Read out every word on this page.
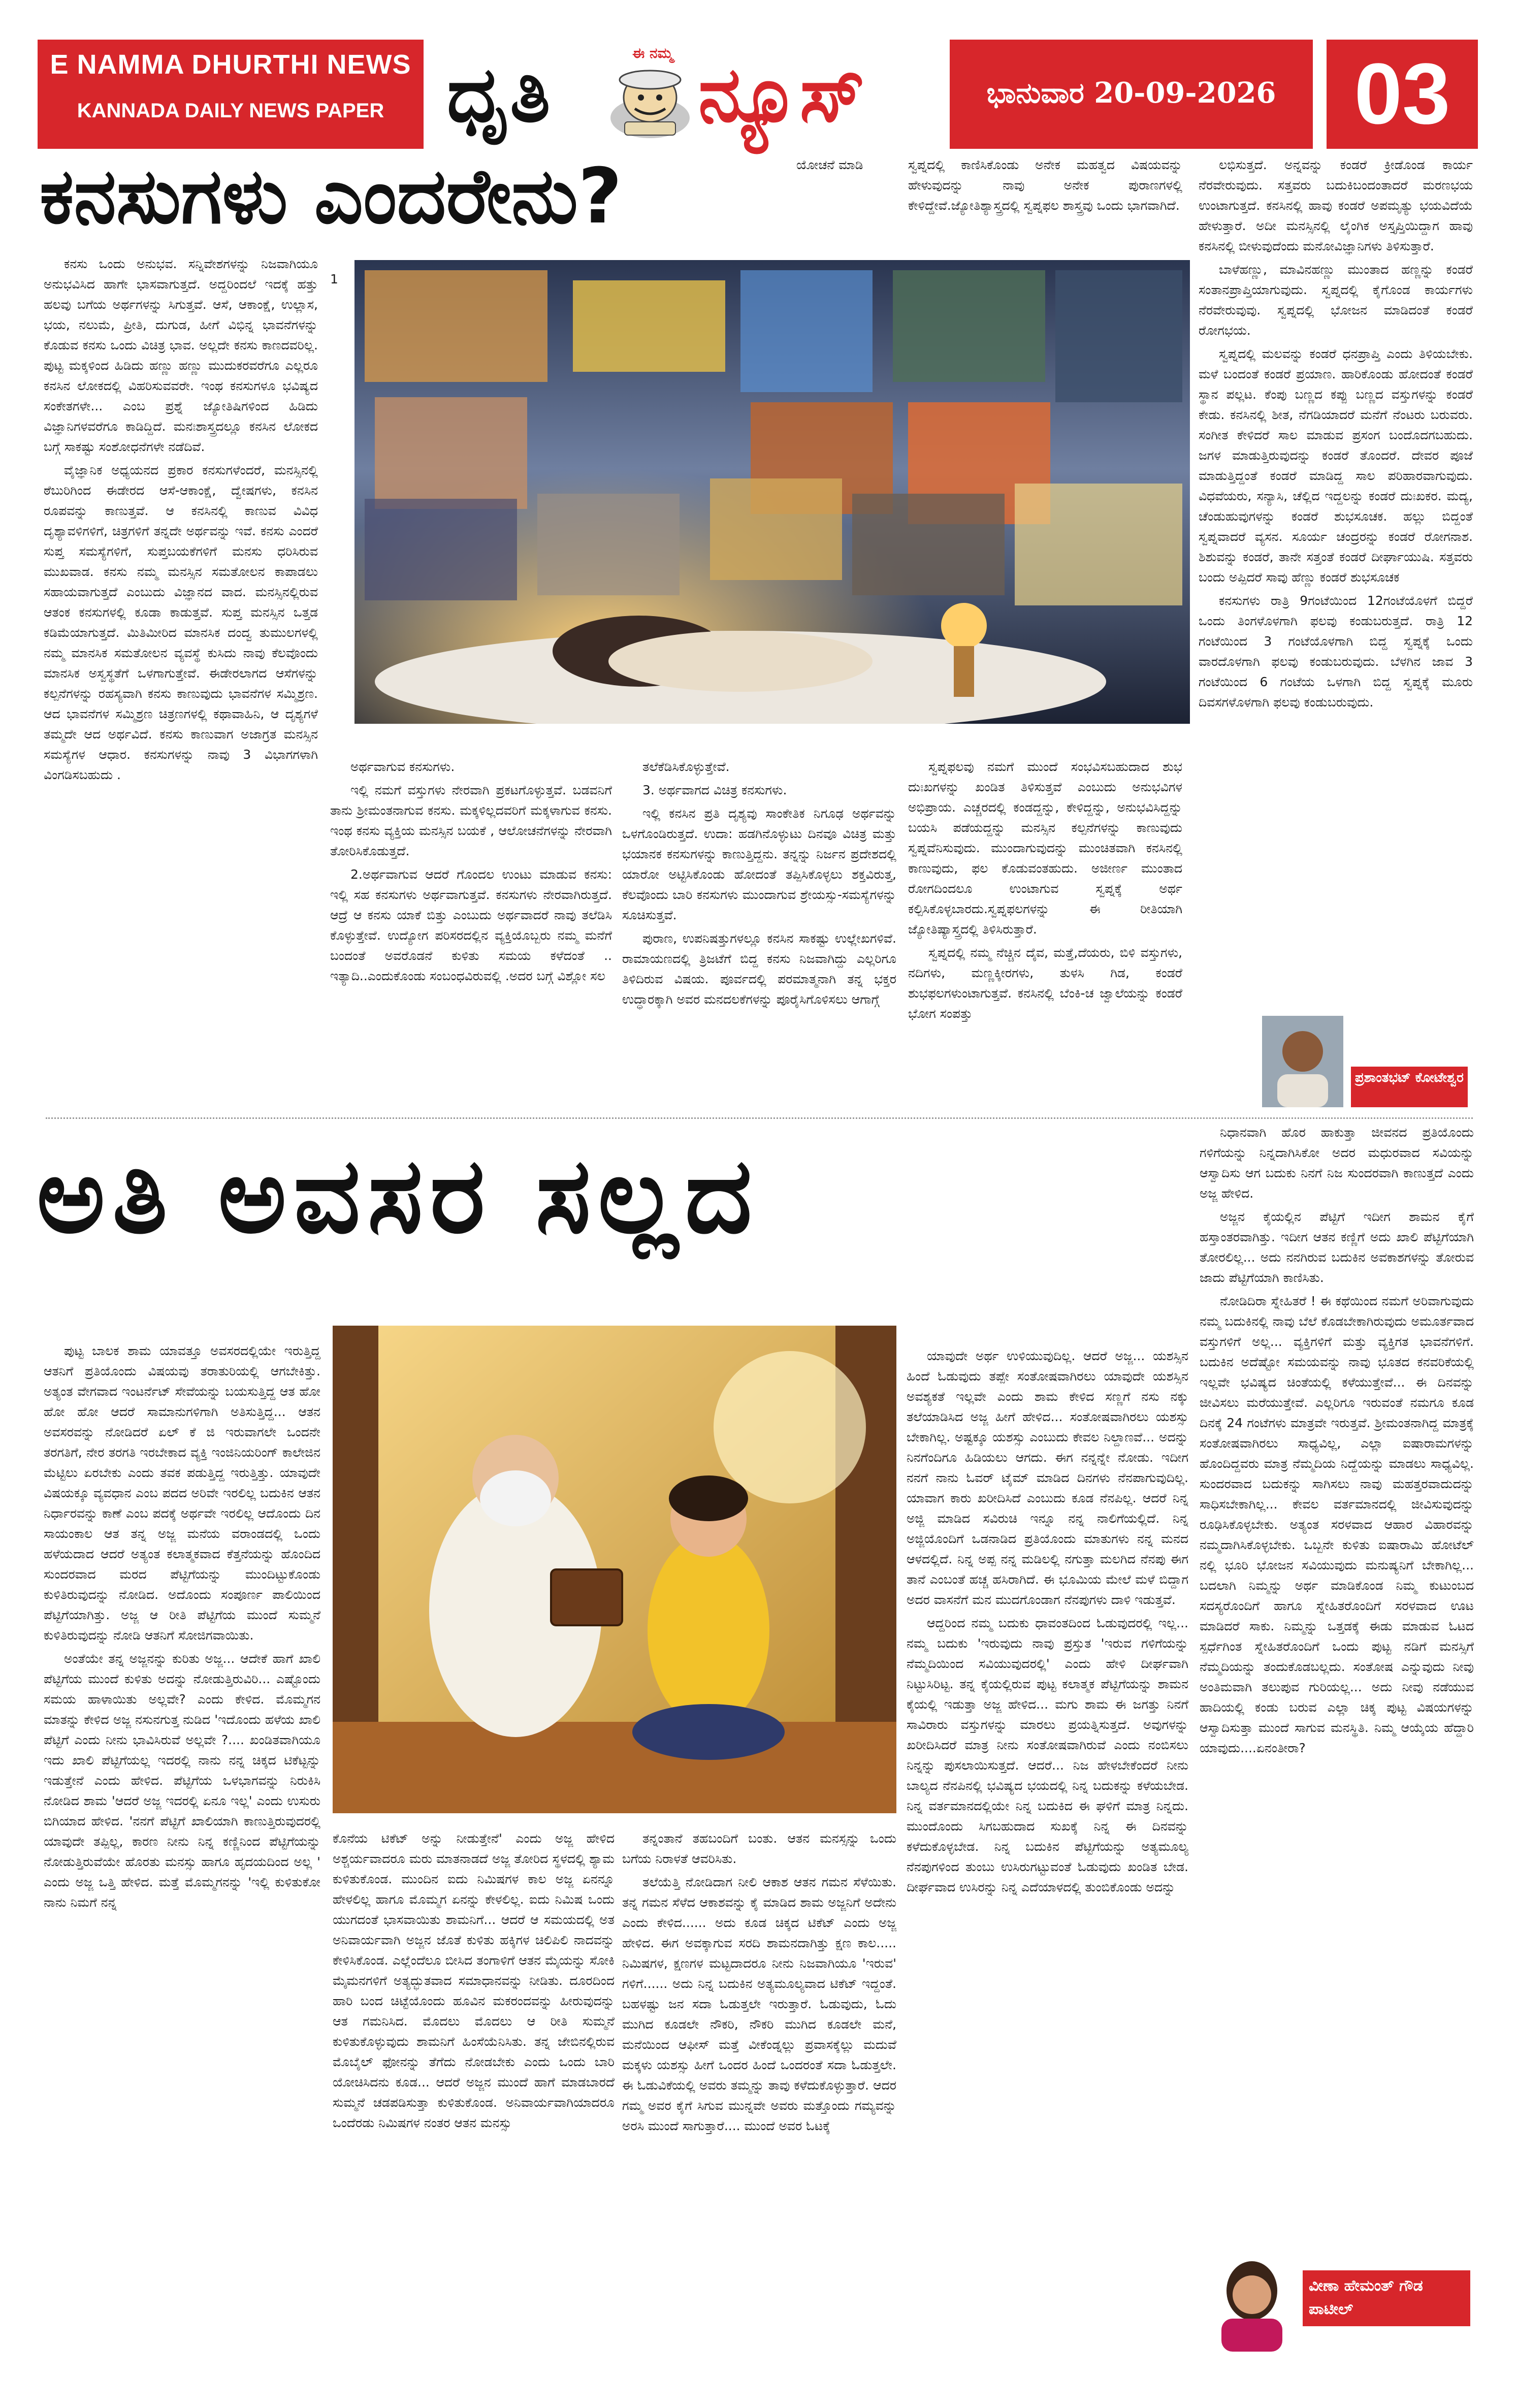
E NAMMA DHURTHI NEWS
KANNADA DAILY NEWS PAPER ಧೃತಿ	ಈ ನಮ್ಮ ನ್ಯೂಸ್	ಭಾನುವಾರ 20-09-2026 03
ಕನಸುಗಳು ಎಂದರೇನು?	ಯೋಚನೆ ಮಾಡಿ	ಸ್ವಪ್ನದಲ್ಲಿ ಕಾಣಿಸಿಕೊಂಡು ಅನೇಕ ಮಹತ್ವದ ವಿಷಯವನ್ನು ಹೇಳುವುದನ್ನು ನಾವು ಅನೇಕ ಪುರಾಣಗಳಲ್ಲಿ ಕೇಳಿದ್ದೇವೆ.ಜ್ಯೋತಿಶ್ಯಾಸ್ತ್ರದಲ್ಲಿ ಸ್ವಪ್ನಫಲ ಶಾಸ್ತ್ರವು ಒಂದು ಭಾಗವಾಗಿದೆ.
1

ಕನಸು ಒಂದು ಅನುಭವ. ಸನ್ನಿವೇಶಗಳನ್ನು ನಿಜವಾಗಿಯೂ ಅನುಭವಿಸಿದ ಹಾಗೇ ಭಾಸವಾಗುತ್ತದೆ. ಅದ್ದರಿಂದಲೆ ಇದಕ್ಕೆ ಹತ್ತು ಹಲವು ಬಗೆಯ ಅರ್ಥಗಳನ್ನು ಸಿಗುತ್ತವೆ. ಆಸೆ, ಆಕಾಂಕ್ಷೆ, ಉಲ್ಲಾಸ, ಭಯ, ನಲುಮೆ, ಪ್ರೀತಿ, ದುಗುಡ, ಹೀಗೆ ವಿಭಿನ್ನ ಭಾವನೆಗಳನ್ನು ಕೊಡುವ ಕನಸು ಒಂದು ವಿಚಿತ್ರ ಭಾವ. ಅಲ್ಲದೇ ಕನಸು ಕಾಣದವರಿಲ್ಲ. ಪುಟ್ಟ ಮಕ್ಕಳಿಂದ ಹಿಡಿದು ಹಣ್ಣು ಹಣ್ಣು ಮುದುಕರವರೆಗೂ ಎಲ್ಲರೂ ಕನಸಿನ ಲೋಕದಲ್ಲಿ ವಿಹರಿಸುವವರೇ. ಇಂಥ ಕನಸುಗಳೂ ಭವಿಷ್ಯದ ಸಂಕೇತಗಳೇ... ಎಂಬ ಪ್ರಶ್ನೆ ಜ್ಯೋತಿಷಿಗಳಿಂದ ಹಿಡಿದು ವಿಜ್ಞಾನಿಗಳವರೆಗೂ ಕಾಡಿದ್ದಿದೆ. ಮನಃಶಾಸ್ತ್ರದಲ್ಲೂ ಕನಸಿನ ಲೋಕದ ಬಗ್ಗೆ ಸಾಕಷ್ಟು ಸಂಶೋಧನೆಗಳೇ ನಡೆದಿವೆ.

ವೈಜ್ಞಾನಿಕ ಅಧ್ಯಯನದ ಪ್ರಕಾರ ಕನಸುಗಳೆಂದರೆ, ಮನಸ್ಸಿನಲ್ಲಿ ಠೆಬುರಿಗಿಂದ ಈಡೇರದ ಆಸೆ-ಆಕಾಂಕ್ಷೆ, ದ್ವೇಷಗಳು, ಕನಸಿನ ರೂಪವನ್ನು ಕಾಣುತ್ತವೆ. ಆ ಕನಸಿನಲ್ಲಿ ಕಾಣುವ ವಿವಿಧ ದೃಶ್ಯಾವಳಿಗಳಿಗೆ, ಚಿತ್ರಗಳಿಗೆ ತನ್ನದೇ ಅರ್ಥವನ್ನು ಇವೆ. ಕನಸು ಎಂದರೆ ಸುಪ್ತ ಸಮಸ್ಯೆಗಳಿಗೆ, ಸುಪ್ತಬಯಕೆಗಳಿಗೆ ಮನಸು ಧರಿಸಿರುವ ಮುಖವಾಡ. ಕನಸು ನಮ್ಮ ಮನಸ್ಸಿನ ಸಮತೋಲನ ಕಾಪಾಡಲು ಸಹಾಯವಾಗುತ್ತದೆ ಎಂಬುದು ವಿಜ್ಞಾನದ ವಾದ. ಮನಸ್ಸಿನಲ್ಲಿರುವ ಆತಂಕ ಕನಸುಗಳಲ್ಲಿ ಕೂಡಾ ಕಾಡುತ್ತವೆ. ಸುಪ್ತ ಮನಸ್ಸಿನ ಒತ್ತಡ ಕಡಿಮೆಯಾಗುತ್ತದೆ. ಮಿತಿಮೀರಿದ ಮಾನಸಿಕ ದಂದ್ವ ತುಮುಲಗಳಲ್ಲಿ ನಮ್ಮ ಮಾನಸಿಕ ಸಮತೋಲನ ವ್ಯವಸ್ಥೆ ಕುಸಿದು ನಾವು ಕೆಲವೊಂದು ಮಾನಸಿಕ ಅಸ್ವಸ್ಥತೆಗೆ ಒಳಗಾಗುತ್ತೇವೆ. ಈಡೇರಲಾಗದ ಆಸೆಗಳನ್ನು ಕಲ್ಪನೆಗಳನ್ನು ರಹಸ್ಯವಾಗಿ ಕನಸು ಕಾಣುವುದು ಭಾವನೆಗಳ ಸಮ್ಮಿಶ್ರಣ. ಆದ ಭಾವನೆಗಳ ಸಮ್ಮಿಶ್ರಣ ಚಿತ್ರಣಗಳಲ್ಲಿ ಕಥಾವಾಹಿನಿ, ಆ ದೃಶ್ಯಗಳೆ ತಮ್ಮದೇ ಆದ ಅರ್ಥವಿದೆ. ಕನಸು ಕಾಣುವಾಗ ಅಜಾಗ್ರತ ಮನಸ್ಸಿನ ಸಮಸ್ಯೆಗಳ ಆಧಾರ. ಕನಸುಗಳನ್ನು ನಾವು 3 ವಿಭಾಗಗಳಾಗಿ ವಿಂಗಡಿಸಬಹುದು .

ಅರ್ಥವಾಗುವ ಕನಸುಗಳು.

ಇಲ್ಲಿ ನಮಗೆ ವಸ್ತುಗಳು ನೇರವಾಗಿ ಪ್ರಕಟಗೊಳ್ಳುತ್ತವೆ. ಬಡವನಿಗೆ ತಾನು ಶ್ರೀಮಂತನಾಗುವ ಕನಸು. ಮಕ್ಕಳಿಲ್ಲದವರಿಗೆ ಮಕ್ಕಳಾಗುವ ಕನಸು. ಇಂಥ ಕನಸು ವ್ಯಕ್ತಿಯ ಮನಸ್ಸಿನ ಬಯಕೆ , ಆಲೋಚನೆಗಳನ್ನು ನೇರವಾಗಿ ತೋರಿಸಿಕೊಡುತ್ತದೆ.

2.ಅರ್ಥವಾಗುವ ಆದರೆ ಗೊಂದಲ ಉಂಟು ಮಾಡುವ ಕನಸು: ಇಲ್ಲಿ ಸಹ ಕನಸುಗಳು ಅರ್ಥವಾಗುತ್ತವೆ. ಕನಸುಗಳು ನೇರವಾಗಿರುತ್ತದೆ. ಆದ್ರೆ ಆ ಕನಸು ಯಾಕೆ ಬಿತ್ತು ಎಂಬುದು ಅರ್ಥವಾದರೆ ನಾವು ತಲೆಡಿಸಿ ಕೊಳ್ಳುತ್ತೇವೆ. ಉದ್ಯೋಗ ಪರಿಸರದಲ್ಲಿನ ವ್ಯಕ್ತಿಯೊಬ್ಬರು ನಮ್ಮ ಮನೆಗೆ ಬಂದಂತೆ ಅವರೊಡನೆ ಕುಳಿತು ಸಮಯ ಕಳೆದಂತೆ .. ಇತ್ಯಾದಿ..ಎಂದುಕೊಂಡು ಸಂಬಂಧವಿರುವಲ್ಲಿ .ಅದರ ಬಗ್ಗೆ ವಿಶ್ಲೋ ಸಲ

ತಲೆಕೆಡಿಸಿಕೊಳ್ಳುತ್ತೇವೆ.

3. ಅರ್ಥವಾಗದ ವಿಚಿತ್ರ ಕನಸುಗಳು.

ಇಲ್ಲಿ ಕನಸಿನ ಪ್ರತಿ ದೃಶ್ಯವು ಸಾಂಕೇತಿಕ ನಿಗೂಢ ಅರ್ಥವನ್ನು ಒಳಗೊಂಡಿರುತ್ತದೆ. ಉದಾ: ಹಡಗಿನೊಳ್ಳುಟು ದಿನವೂ ವಿಚಿತ್ರ ಮತ್ತು ಭಯಾನಕ ಕನಸುಗಳನ್ನು ಕಾಣುತ್ತಿದ್ದನು. ತನ್ನನ್ನು ನಿರ್ಜನ ಪ್ರದೇಶದಲ್ಲಿ ಯಾರೋ ಅಟ್ಟಿಸಿಕೊಂಡು ಹೋದಂತೆ ತಪ್ಪಿಸಿಕೊಳ್ಳಲು ಶಕ್ತವಿರುತ್ತ, ಕೆಲವೊಂದು ಬಾರಿ ಕನಸುಗಳು ಮುಂದಾಗುವ ಶ್ರೇಯಸ್ಸು-ಸಮಸ್ಯೆಗಳನ್ನು ಸೂಚಿಸುತ್ತವೆ.

ಪುರಾಣ, ಉಪನಿಷತ್ತುಗಳಲ್ಲೂ ಕನಸಿನ ಸಾಕಷ್ಟು ಉಲ್ಲೇಖಗಳಿವೆ. ರಾಮಾಯಣದಲ್ಲಿ ತ್ರಿಜಟೆಗೆ ಬಿದ್ದ ಕನಸು ನಿಜವಾಗಿದ್ದು ಎಲ್ಲರಿಗೂ ತಿಳಿದಿರುವ ವಿಷಯ. ಪೂರ್ವದಲ್ಲಿ ಪರಮಾತ್ಮನಾಗಿ ತನ್ನ ಭಕ್ತರ ಉದ್ಧಾರಕ್ಕಾಗಿ ಅವರ ಮನದಲಕೆಗಳನ್ನು ಪೂರೈಸಿಗೊಳಿಸಲು ಆಗಾಗ್ಗೆ

ಸ್ವಪ್ನಫಲವು ನಮಗೆ ಮುಂದೆ ಸಂಭವಿಸಬಹುದಾದ ಶುಭ ದುಃಖಗಳನ್ನು ಖಂಡಿತ ತಿಳಿಸುತ್ತವೆ ಎಂಬುದು ಅನುಭವಿಗಳ ಅಭಿಪ್ರಾಯ. ಎಚ್ಚರದಲ್ಲಿ ಕಂಡದ್ದನ್ನು, ಕೇಳಿದ್ದನ್ನು, ಅನುಭವಿಸಿದ್ದನ್ನು ಬಯಸಿ ಪಡೆಯದ್ದನ್ನು ಮನಸ್ಸಿನ ಕಲ್ಪನೆಗಳನ್ನು ಕಾಣುವುದು ಸ್ವಪ್ನವೆನಿಸುವುದು. ಮುಂದಾಗುವುದನ್ನು ಮುಂಚಿತವಾಗಿ ಕನಸಿನಲ್ಲಿ ಕಾಣುವುದು, ಫಲ ಕೊಡುವಂತಹುದು. ಅಜೀರ್ಣ ಮುಂತಾದ ರೋಗದಿಂದಲೂ ಉಂಟಾಗುವ ಸ್ವಪ್ನಕ್ಕೆ ಅರ್ಥ ಕಲ್ಪಿಸಿಕೊಳ್ಳಬಾರದು.ಸ್ವಪ್ನಫಲಗಳನ್ನು ಈ ರೀತಿಯಾಗಿ ಜ್ಯೋತಿಷ್ಯಾಸ್ತ್ರದಲ್ಲಿ ತಿಳಿಸಿರುತ್ತಾರೆ.

ಸ್ವಪ್ನದಲ್ಲಿ ನಮ್ಮ ನೆಚ್ಚಿನ ದೈವ, ಮತ್ತೆ,ದೆಯರು, ಬಿಳಿ ವಸ್ತುಗಳು, ನದಿಗಳು, ಮಣ್ಣಕ್ಕೀರಗಳು, ತುಳಸಿ ಗಿಡ, ಕಂಡರೆ ಶುಭಫಲಗಳುಂಟಾಗುತ್ತವೆ. ಕನಸಿನಲ್ಲಿ ಬೆಂಕಿ-ಚ ಜ್ವಾಲೆಯನ್ನು ಕಂಡರೆ ಭೋಗ ಸಂಪತ್ತು

ಲಭಿಸುತ್ತದೆ. ಅನ್ನವನ್ನು ಕಂಡರೆ ಕ್ರೀಡೊಂಡ ಕಾರ್ಯ ನೆರವೇರುವುದು. ಸತ್ತವರು ಬದುಕಿಬಂದಂತಾದರೆ ಮರಣಭಯ ಉಂಟಾಗುತ್ತದೆ. ಕನಸಿನಲ್ಲಿ ಹಾವು ಕಂಡರೆ ಅಪಮೃತ್ಯು ಭಯವಿದೆಯೆ ಹೇಳುತ್ತಾರೆ. ಅದೀ ಮನಸ್ಸಿನಲ್ಲಿ ಲೈಂಗಿಕ ಅಸ್ತೃಪ್ತಿಯಿದ್ದಾಗ ಹಾವು ಕನಸಿನಲ್ಲಿ ಬೀಳುವುದೆಂದು ಮನೋವಿಜ್ಞಾನಿಗಳು ತಿಳಿಸುತ್ತಾರೆ.

ಬಾಳೆಹಣ್ಣು, ಮಾವಿನಹಣ್ಣು ಮುಂತಾದ ಹಣ್ಣನ್ನು ಕಂಡರೆ ಸಂತಾನಪ್ರಾಪ್ತಿಯಾಗುವುದು. ಸ್ವಪ್ನದಲ್ಲಿ ಕೈಗೊಂಡ ಕಾರ್ಯಗಳು ನೆರವೇರುವುವು. ಸ್ವಪ್ನದಲ್ಲಿ ಭೋಜನ ಮಾಡಿದಂತೆ ಕಂಡರೆ ರೋಗಭಯ.

ಸ್ವಪ್ನದಲ್ಲಿ ಮಲವನ್ನು ಕಂಡರೆ ಧನಪ್ರಾಪ್ತಿ ಎಂದು ತಿಳಿಯಬೇಕು. ಮಳೆ ಬಂದಂತೆ ಕಂಡರೆ ಪ್ರಯಾಣ. ಹಾರಿಕೊಂಡು ಹೋದಂತೆ ಕಂಡರೆ ಸ್ಥಾನ ಪಲ್ಲಟ. ಕೆಂಪು ಬಣ್ಣದ ಕಪ್ಪು ಬಣ್ಣದ ವಸ್ತುಗಳನ್ನು ಕಂಡರೆ ಕೇಡು. ಕನಸಿನಲ್ಲಿ ಶೀತ, ನೆಗಡಿಯಾದರೆ ಮನೆಗೆ ನೆಂಟರು ಬರುವರು. ಸಂಗೀತ ಕೇಳಿದರೆ ಸಾಲ ಮಾಡುವ ಪ್ರಸಂಗ ಬಂದೊದಗಬಹುದು. ಜಗಳ ಮಾಡುತ್ತಿರುವುದನ್ನು ಕಂಡರೆ ತೊಂದರೆ. ದೇವರ ಪೂಜೆ ಮಾಡುತ್ತಿದ್ದಂತೆ ಕಂಡರೆ ಮಾಡಿದ್ದ ಸಾಲ ಪರಿಹಾರವಾಗುವುದು. ವಿಧವೆಯರು, ಸನ್ಯಾಸಿ, ಚೆಲ್ಲಿದ ಇದ್ದಲನ್ನು ಕಂಡರೆ ದುಃಖಕರ. ಮದ್ಯ, ಚೆಂಡುಹುವುಗಳನ್ನು ಕಂಡರೆ ಶುಭಸೂಚಕ. ಹಲ್ಲು ಬಿದ್ದಂತೆ ಸ್ವಪ್ನವಾದರೆ ವ್ಯಸನ. ಸೂರ್ಯ ಚಂದ್ರರನ್ನು ಕಂಡರೆ ರೋಗನಾಶ. ಶಿಶುವನ್ನು ಕಂಡರೆ, ತಾನೇ ಸತ್ತಂತೆ ಕಂಡರೆ ದೀರ್ಘಾಯುಷಿ. ಸತ್ತವರು ಬಂದು ಅಪ್ಪಿದರೆ ಸಾವು ಹೆಣ್ಣು ಕಂಡರೆ ಶುಭಸೂಚಕ

ಕನಸುಗಳು ರಾತ್ರಿ 9ಗಂಟೆಯಿಂದ 12ಗಂಟೆಯೊಳಗೆ ಬಿದ್ದರೆ ಒಂದು ತಿಂಗಳೊಳಗಾಗಿ ಫಲವು ಕಂಡುಬರುತ್ತದೆ. ರಾತ್ರಿ 12 ಗಂಟೆಯಿಂದ 3 ಗಂಟೆಯೊಳಗಾಗಿ ಬಿದ್ದ ಸ್ವಪ್ನಕ್ಕೆ ಒಂದು ವಾರದೊಳಗಾಗಿ ಫಲವು ಕಂಡುಬರುವುದು. ಬೆಳಗಿನ ಜಾವ 3 ಗಂಟೆಯಿಂದ 6 ಗಂಟೆಯ ಒಳಗಾಗಿ ಬಿದ್ದ ಸ್ವಪ್ನಕ್ಕೆ ಮೂರು ದಿವಸಗಳೊಳಗಾಗಿ ಫಲವು ಕಂಡುಬರುವುದು.

ಪ್ರಶಾಂತಭಟ್ ಕೋಟೇಶ್ವರ
ಅತಿ ಅವಸರ ಸಲ್ಲದ

ನಿಧಾನವಾಗಿ ಹೊರ ಹಾಕುತ್ತಾ ಜೀವನದ ಪ್ರತಿಯೊಂದು ಗಳಿಗೆಯನ್ನು ನಿನ್ನದಾಗಿಸಿಕೋ ಅದರ ಮಧುರವಾದ ಸವಿಯನ್ನು ಆಸ್ವಾದಿಸು ಆಗ ಬದುಕು ನಿನಗೆ ನಿಜ ಸುಂದರವಾಗಿ ಕಾಣುತ್ತದೆ ಎಂದು ಅಜ್ಜ ಹೇಳಿದ.

ಅಜ್ಜನ ಕೈಯಲ್ಲಿನ ಪೆಟ್ಟಿಗೆ ಇದೀಗ ಶಾಮನ ಕೈಗೆ ಹಸ್ತಾಂತರವಾಗಿತ್ತು. ಇದೀಗ ಆತನ ಕಣ್ಣಿಗೆ ಅದು ಖಾಲಿ ಪೆಟ್ಟಿಗೆಯಾಗಿ ತೋರಲಿಲ್ಲ... ಅದು ನನಗಿರುವ ಬದುಕಿನ ಅವಕಾಶಗಳನ್ನು ತೋರುವ ಜಾದು ಪೆಟ್ಟಿಗೆಯಾಗಿ ಕಾಣಿಸಿತು.

ನೋಡಿದಿರಾ ಸ್ನೇಹಿತರೆ ! ಈ ಕಥೆಯಿಂದ ನಮಗೆ ಅರಿವಾಗುವುದು ನಮ್ಮ ಬದುಕಿನಲ್ಲಿ ನಾವು ಬೆಲೆ ಕೊಡಬೇಕಾಗಿರುವುದು ಅಮೂರ್ತವಾದ ವಸ್ತುಗಳಿಗೆ ಅಲ್ಲ... ವ್ಯಕ್ತಿಗಳಿಗೆ ಮತ್ತು ವ್ಯಕ್ತಿಗತ ಭಾವನೆಗಳಿಗೆ. ಬದುಕಿನ ಅದೆಷ್ಟೋ ಸಮಯವನ್ನು ನಾವು ಭೂತದ ಕನವರಿಕೆಯಲ್ಲಿ ಇಲ್ಲವೇ ಭವಿಷ್ಯದ ಚಿಂತೆಯಲ್ಲಿ ಕಳೆಯುತ್ತೇವೆ... ಈ ದಿನವನ್ನು ಜೀವಿಸಲು ಮರೆಯುತ್ತೇವೆ. ಎಲ್ಲರಿಗೂ ಇರುವಂತೆ ನಮಗೂ ಕೂಡ ದಿನಕ್ಕೆ 24 ಗಂಟೆಗಳು ಮಾತ್ರವೇ ಇರುತ್ತವೆ. ಶ್ರೀಮಂತನಾಗಿದ್ದ ಮಾತ್ರಕ್ಕೆ ಸಂತೋಷವಾಗಿರಲು ಸಾಧ್ಯವಿಲ್ಲ, ಎಲ್ಲಾ ಐಷಾರಾಮಗಳನ್ನು ಹೊಂದಿದ್ದವರು ಮಾತ್ರ ನೆಮ್ಮದಿಯ ನಿದ್ದೆಯನ್ನು ಮಾಡಲು ಸಾಧ್ಯವಿಲ್ಲ. ಸುಂದರವಾದ ಬದುಕನ್ನು ಸಾಗಿಸಲು ನಾವು ಮಹತ್ತರವಾದುದನ್ನು ಸಾಧಿಸಬೇಕಾಗಿಲ್ಲ... ಕೇವಲ ವರ್ತಮಾನದಲ್ಲಿ ಜೀವಿಸುವುದನ್ನು ರೂಢಿಸಿಕೊಳ್ಳಬೇಕು. ಅತ್ಯಂತ ಸರಳವಾದ ಆಹಾರ ವಿಹಾರವನ್ನು ನಮ್ಮದಾಗಿಸಿಕೊಳ್ಳಬೇಕು. ಒಬ್ಬನೇ ಕುಳಿತು ಐಷಾರಾಮಿ ಹೋಟೆಲ್ ನಲ್ಲಿ ಭೂರಿ ಭೋಜನ ಸವಿಯುವುದು ಮನುಷ್ಯನಿಗೆ ಬೇಕಾಗಿಲ್ಲ... ಬದಲಾಗಿ ನಿಮ್ಮನ್ನು ಅರ್ಥ ಮಾಡಿಕೊಂಡ ನಿಮ್ಮ ಕುಟುಂಬದ ಸದಸ್ಯರೊಂದಿಗೆ ಹಾಗೂ ಸ್ನೇಹಿತರೊಂದಿಗೆ ಸರಳವಾದ ಊಟ ಮಾಡಿದರೆ ಸಾಕು. ನಿಮ್ಮನ್ನು ಒತ್ತಡಕ್ಕೆ ಈಡು ಮಾಡುವ ಓಟದ ಸ್ಪರ್ಧೆಗಿಂತ ಸ್ನೇಹಿತರೊಂದಿಗೆ ಒಂದು ಪುಟ್ಟ ನಡಿಗೆ ಮನಸ್ಸಿಗೆ ನೆಮ್ಮದಿಯನ್ನು ತಂದುಕೊಡಬಲ್ಲದು. ಸಂತೋಷ ಎನ್ನುವುದು ನೀವು ಅಂತಿಮವಾಗಿ ತಲುಪುವ ಗುರಿಯಲ್ಲ... ಅದು ನೀವು ನಡೆಯುವ ಹಾದಿಯಲ್ಲಿ ಕಂಡು ಬರುವ ಎಲ್ಲಾ ಚಿಕ್ಕ ಪುಟ್ಟ ವಿಷಯಗಳನ್ನು ಆಸ್ವಾದಿಸುತ್ತಾ ಮುಂದೆ ಸಾಗುವ ಮನಸ್ಥಿತಿ. ನಿಮ್ಮ ಆಯ್ಕೆಯ ಹೆದ್ದಾರಿ ಯಾವುದು....ಏನಂತೀರಾ?

ಪುಟ್ಟ ಬಾಲಕ ಶಾಮ ಯಾವತ್ತೂ ಅವಸರದಲ್ಲಿಯೇ ಇರುತ್ತಿದ್ದ ಆತನಿಗೆ ಪ್ರತಿಯೊಂದು ವಿಷಯವು ತರಾತುರಿಯಲ್ಲಿ ಆಗಬೇಕಿತ್ತು. ಅತ್ಯಂತ ವೇಗವಾದ ಇಂಟರ್ನೆಟ್ ಸೇವೆಯನ್ನು ಬಯಸುತ್ತಿದ್ದ ಆತ ಹೋ ಹೋ ಹೋ ಆದರೆ ಸಾಮಾನುಗಳಿಗಾಗಿ ಅತಿಸುತ್ತಿದ್ದ... ಆತನ ಅವಸರವನ್ನು ನೋಡಿದರೆ ಏಲ್ ಕೆ ಜಿ ಇರುವಾಗಲೇ ಒಂದನೇ ತರಗತಿಗೆ, ನೇರ ತರಗತಿ ಇರಬೇಕಾದ ವ್ಯಕ್ತಿ ಇಂಜಿನಿಯರಿಂಗ್ ಕಾಲೇಜಿನ ಮೆಟ್ಟಿಲು ಏರಬೇಕು ಎಂದು ತವಕ ಪಡುತ್ತಿದ್ದ ಇರುತ್ತಿತ್ತು. ಯಾವುದೇ ವಿಷಯಕ್ಕೂ ವ್ಯವಧಾನ ಎಂಬ ಪದದ ಅರಿವೇ ಇರಲಿಲ್ಲ ಬದುಕಿನ ಆತನ ನಿರ್ಧಾರವನ್ನು ಕಾಣೆ ಎಂಬ ಪದಕ್ಕೆ ಅರ್ಥವೇ ಇರಲಿಲ್ಲ ಆದೊಂದು ದಿನ ಸಾಯಂಕಾಲ ಆತ ತನ್ನ ಅಜ್ಜ ಮನೆಯ ವರಾಂಡದಲ್ಲಿ ಒಂದು ಹಳೆಯದಾದ ಆದರೆ ಅತ್ಯಂತ ಕಲಾತ್ಮಕವಾದ ಕೆತ್ತನೆಯನ್ನು ಹೊಂದಿದ ಸುಂದರವಾದ ಮರದ ಪೆಟ್ಟಿಗೆಯನ್ನು ಮುಂದಿಟ್ಟುಕೊಂಡು ಕುಳಿತಿರುವುದನ್ನು ನೋಡಿದ. ಅದೊಂದು ಸಂಪೂರ್ಣ ಪಾಲಿಯಿಂದ ಪೆಟ್ಟಿಗೆಯಾಗಿತ್ತು. ಅಜ್ಜ ಆ ರೀತಿ ಪೆಟ್ಟಿಗೆಯ ಮುಂದೆ ಸುಮ್ಮನೆ ಕುಳಿತಿರುವುದನ್ನು ನೋಡಿ ಆತನಿಗೆ ಸೋಜಿಗವಾಯಿತು.

ಅಂತೆಯೇ ತನ್ನ ಅಜ್ಜನನ್ನು ಕುರಿತು ಅಜ್ಜ... ಆದೇಕೆ ಹಾಗೆ ಖಾಲಿ ಪೆಟ್ಟಿಗೆಯ ಮುಂದೆ ಕುಳಿತು ಅದನ್ನು ನೋಡುತ್ತಿರುವಿರಿ... ಎಷ್ಟೊಂದು ಸಮಯ ಹಾಳಾಯಿತು ಅಲ್ಲವೇ? ಎಂದು ಕೇಳಿದ. ಮೊಮ್ಮಗನ ಮಾತನ್ನು ಕೇಳಿದ ಅಜ್ಜ ನಸುನಗುತ್ತ ನುಡಿದ 'ಇದೊಂದು ಹಳೆಯ ಖಾಲಿ ಪೆಟ್ಟಿಗೆ ಎಂದು ನೀನು ಭಾವಿಸಿರುವೆ ಅಲ್ಲವೇ ?.... ಖಂಡಿತವಾಗಿಯೂ ಇದು ಖಾಲಿ ಪೆಟ್ಟಿಗೆಯಲ್ಲ ಇದರಲ್ಲಿ ನಾನು ನನ್ನ ಚಿಕ್ಕದ ಟಿಕೆಟ್ಟನ್ನು ಇಡುತ್ತೇನೆ ಎಂದು ಹೇಳಿದ. ಪೆಟ್ಟಿಗೆಯ ಒಳಭಾಗವನ್ನು ನಿರುಕಿಸಿ ನೋಡಿದ ಶಾಮ 'ಆದರೆ ಅಜ್ಜ ಇದರಲ್ಲಿ ಏನೂ ಇಲ್ಲ' ಎಂದು ಉಸುರು ಬಿಗಿಯಾದ ಹೇಳಿದ. 'ನನಗೆ ಪೆಟ್ಟಿಗೆ ಖಾಲಿಯಾಗಿ ಕಾಣುತ್ತಿರುವುದರಲ್ಲಿ ಯಾವುದೇ ತಪ್ಪಿಲ್ಲ, ಕಾರಣ ನೀನು ನಿನ್ನ ಕಣ್ಣಿನಿಂದ ಪೆಟ್ಟಿಗೆಯನ್ನು ನೋಡುತ್ತಿರುವೆಯೇ ಹೊರತು ಮನಸ್ಸು ಹಾಗೂ ಹೃದಯದಿಂದ ಅಲ್ಲ ' ಎಂದು ಅಜ್ಜ ಒತ್ತಿ ಹೇಳಿದ. ಮತ್ತೆ ಮೊಮ್ಮಗನನ್ನು 'ಇಲ್ಲಿ ಕುಳಿತುಕೋ ನಾನು ನಿಮಗೆ ನನ್ನ

ಕೊನೆಯ ಟಿಕೆಟ್ ಅನ್ನು ನೀಡುತ್ತೇನೆ' ಎಂದು ಅಜ್ಜ ಹೇಳಿದ ಅಶ್ಚರ್ಯವಾದರೂ ಮರು ಮಾತನಾಡದೆ ಅಜ್ಜ ತೋರಿದ ಸ್ಥಳದಲ್ಲಿ ಶ್ಯಾಮ ಕುಳಿತುಕೊಂಡ. ಮುಂದಿನ ಐದು ನಿಮಿಷಗಳ ಕಾಲ ಅಜ್ಜ ಏನನ್ನೂ ಹೇಳಲಿಲ್ಲ ಹಾಗೂ ಮೊಮ್ಮಗ ಏನನ್ನು ಕೇಳಲಿಲ್ಲ. ಐದು ನಿಮಿಷ ಒಂದು ಯುಗದಂತೆ ಭಾಸವಾಯಿತು ಶಾಮನಿಗೆ... ಆದರೆ ಆ ಸಮಯದಲ್ಲಿ ಅತ ಅನಿವಾರ್ಯವಾಗಿ ಅಜ್ಜನ ಜೊತೆ ಕುಳಿತು ಹಕ್ಕಿಗಳ ಚಿಲಿಪಿಲಿ ನಾದವನ್ನು ಕೇಳಿಸಿಕೊಂಡ. ಎಲ್ಲೆಂದೆಲೂ ಬೀಸಿದ ತಂಗಾಳಿಗೆ ಆತನ ಮೈಯನ್ನು ಸೋಕಿ ಮೈಮನಗಳಿಗೆ ಅತ್ಯದ್ಭುತವಾದ ಸಮಾಧಾನವನ್ನು ನೀಡಿತು. ದೂರದಿಂದ ಹಾರಿ ಬಂದ ಚಿಟ್ಟೆಯೊಂದು ಹೂವಿನ ಮಕರಂದವನ್ನು ಹೀರುವುದನ್ನು ಆತ ಗಮನಿಸಿದ. ಮೊದಲು ಮೊದಲು ಆ ರೀತಿ ಸುಮ್ಮನೆ ಕುಳಿತುಕೊಳ್ಳುವುದು ಶಾಮನಿಗೆ ಹಿಂಸೆಯೆನಿಸಿತು. ತನ್ನ ಜೇಬಿನಲ್ಲಿರುವ ಮೊಬೈಲ್ ಫೋನನ್ನು ತೆಗೆದು ನೋಡಬೇಕು ಎಂದು ಒಂದು ಬಾರಿ ಯೋಚಿಸಿದನು ಕೂಡ... ಆದರೆ ಅಜ್ಜನ ಮುಂದೆ ಹಾಗೆ ಮಾಡಬಾರದೆ ಸುಮ್ಮನೆ ಚಡಪಡಿಸುತ್ತಾ ಕುಳಿತುಕೊಂಡ. ಅನಿವಾರ್ಯವಾಗಿಯಾದರೂ ಒಂದೆರಡು ನಿಮಿಷಗಳ ನಂತರ ಆತನ ಮನಸ್ಸು

ತನ್ನಂತಾನೆ ತಹಬಂದಿಗೆ ಬಂತು. ಆತನ ಮನಸ್ಸನ್ನು ಒಂದು ಬಗೆಯ ನಿರಾಳತೆ ಆವರಿಸಿತು.

ತಲೆಯೆತ್ತಿ ನೋಡಿದಾಗ ನೀಲಿ ಆಕಾಶ ಆತನ ಗಮನ ಸೆಳೆಯಿತು. ತನ್ನ ಗಮನ ಸೆಳೆದ ಆಕಾಶವನ್ನು ಕೈ ಮಾಡಿದ ಶಾಮ ಅಜ್ಜನಿಗೆ ಅದೇನು ಎಂದು ಕೇಳಿದ...... ಅದು ಕೂಡ ಚಿಕ್ಕದ ಟಿಕೆಟ್ ಎಂದು ಅಜ್ಜ ಹೇಳಿದ. ಈಗ ಅವಕ್ಕಾಗುವ ಸರದಿ ಶಾಮನದಾಗಿತ್ತು ಕ್ಷಣ ಕಾಲ..... ನಿಮಿಷಗಳ, ಕ್ಷಣಗಳ ಮಟ್ಟದಾದರೂ ನೀನು ನಿಜವಾಗಿಯೂ 'ಇರುವ' ಗಳಿಗೆ...... ಅದು ನಿನ್ನ ಬದುಕಿನ ಅತ್ಯಮೂಲ್ಯವಾದ ಟಿಕೆಟ್ ಇದ್ದಂತೆ. ಬಹಳಷ್ಟು ಜನ ಸದಾ ಓಡುತ್ತಲೇ ಇರುತ್ತಾರೆ. ಓಡುವುದು, ಓದು ಮುಗಿದ ಕೂಡಲೇ ನೌಕರಿ, ನೌಕರಿ ಮುಗಿದ ಕೂಡಲೇ ಮನೆ, ಮನೆಯಿಂದ ಆಫೀಸ್ ಮತ್ತೆ ವೀಕೆಂಡ್ನಲ್ಲು ಪ್ರವಾಸಕ್ಕೆಲ್ಲು ಮದುವೆ ಮಕ್ಕಳು ಯಶಸ್ಸು ಹೀಗೆ ಒಂದರ ಹಿಂದೆ ಒಂದರಂತೆ ಸದಾ ಓಡುತ್ತಲೇ. ಈ ಓಡುವಿಕೆಯಲ್ಲಿ ಅವರು ತಮ್ಮನ್ನು ತಾವು ಕಳೆದುಕೊಳ್ಳುತ್ತಾರೆ. ಆದರ ಗಮ್ಮ ಅವರ ಕೈಗೆ ಸಿಗುವ ಮುನ್ನವೇ ಅವರು ಮತ್ತೊಂದು ಗಮ್ಯವನ್ನು ಅರಸಿ ಮುಂದೆ ಸಾಗುತ್ತಾರೆ.... ಮುಂದೆ ಅವರ ಓಟಕ್ಕೆ

ಯಾವುದೇ ಅರ್ಥ ಉಳಿಯುವುದಿಲ್ಲ. ಆದರೆ ಅಜ್ಜ... ಯಶಸ್ಸಿನ ಹಿಂದೆ ಓಡುವುದು ತಪ್ಪೇ ಸಂತೋಷವಾಗಿರಲು ಯಾವುದೇ ಯಶಸ್ಸಿನ ಅವಶ್ಯಕತೆ ಇಲ್ಲವೇ ಎಂದು ಶಾಮ ಕೇಳಿದ ಸಣ್ಣಗೆ ನಸು ನಕ್ಕು ತಲೆಯಾಡಿಸಿದ ಅಜ್ಜ ಹೀಗೆ ಹೇಳಿದ... ಸಂತೋಷವಾಗಿರಲು ಯಶಸ್ಸು ಬೇಕಾಗಿಲ್ಲ. ಅಷ್ಟಕ್ಕೂ ಯಶಸ್ಸು ಎಂಬುದು ಕೇವಲ ನಿಲ್ದಾಣವೆ... ಅದನ್ನು ನಿನಗೆಂದಿಗೂ ಹಿಡಿಯಲು ಆಗದು. ಈಗ ನನ್ನನ್ನೇ ನೋಡು. ಇದೀಗ ನನಗೆ ನಾನು ಓವರ್ ಟೈಮ್ ಮಾಡಿದ ದಿನಗಳು ನೆನಪಾಗುವುದಿಲ್ಲ. ಯಾವಾಗ ಕಾರು ಖರೀದಿಸಿದೆ ಎಂಬುದು ಕೂಡ ನೆನಪಿಲ್ಲ. ಆದರೆ ನಿನ್ನ ಅಜ್ಜಿ ಮಾಡಿದ ಸವಿರುಚಿ ಇನ್ನೂ ನನ್ನ ನಾಲಿಗೆಯಲ್ಲಿದೆ. ನಿನ್ನ ಅಜ್ಜಿಯೊಂದಿಗೆ ಒಡನಾಡಿದ ಪ್ರತಿಯೊಂದು ಮಾತುಗಳು ನನ್ನ ಮನದ ಆಳದಲ್ಲಿದೆ. ನಿನ್ನ ಅಪ್ಪ ನನ್ನ ಮಡಿಲಲ್ಲಿ ನಗುತ್ತಾ ಮಲಗಿದ ನೆನಪು ಈಗ ತಾನೆ ಎಂಬಂತೆ ಹಚ್ಚ ಹಸಿರಾಗಿದೆ. ಈ ಭೂಮಿಯ ಮೇಲೆ ಮಳೆ ಬಿದ್ದಾಗ ಅದರ ವಾಸನೆಗೆ ಮನ ಮುದಗೊಂಡಾಗ ನೆನಪುಗಳು ದಾಳಿ ಇಡುತ್ತವೆ.

ಆದ್ದರಿಂದ ನಮ್ಮ ಬದುಕು ಧಾವಂತದಿಂದ ಓಡುವುದರಲ್ಲಿ ಇಲ್ಲ... ನಮ್ಮ ಬದುಕು 'ಇರುವುದು ನಾವು ಪ್ರಸ್ತುತ 'ಇರುವ ಗಳಿಗೆಯನ್ನು ನೆಮ್ಮದಿಯಿಂದ ಸವಿಯುವುದರಲ್ಲಿ' ಎಂದು ಹೇಳಿ ದೀರ್ಘವಾಗಿ ನಿಟ್ಟುಸಿರಿಟ್ಟ. ತನ್ನ ಕೈಯಲ್ಲಿರುವ ಪುಟ್ಟ ಕಲಾತ್ಮಕ ಪೆಟ್ಟಿಗೆಯನ್ನು ಶಾಮನ ಕೈಯಲ್ಲಿ ಇಡುತ್ತಾ ಅಜ್ಜ ಹೇಳಿದ... ಮಗು ಶಾಮ ಈ ಜಗತ್ತು ನಿನಗೆ ಸಾವಿರಾರು ವಸ್ತುಗಳನ್ನು ಮಾರಲು ಪ್ರಯತ್ನಿಸುತ್ತದೆ. ಅವುಗಳನ್ನು ಖರೀದಿಸಿದರೆ ಮಾತ್ರ ನೀನು ಸಂತೋಷವಾಗಿರುವೆ ಎಂದು ನಂಬಿಸಲು ನಿನ್ನನ್ನು ಪುಸಲಾಯಿಸುತ್ತದೆ. ಆದರೆ... ನಿಜ ಹೇಳಬೇಕೆಂದರೆ ನೀನು ಬಾಲ್ಯದ ನೆನಪಿನಲ್ಲಿ ಭವಿಷ್ಯದ ಭಯದಲ್ಲಿ ನಿನ್ನ ಬದುಕನ್ನು ಕಳೆಯಬೇಡ. ನಿನ್ನ ವರ್ತಮಾನದಲ್ಲಿಯೇ ನಿನ್ನ ಬದುಕಿದ ಈ ಘಳಿಗೆ ಮಾತ್ರ ನಿನ್ನದು. ಮುಂದೊಂದು ಸಿಗಬಹುದಾದ ಸುಖಕ್ಕೆ ನಿನ್ನ ಈ ದಿನವನ್ನು ಕಳೆದುಕೊಳ್ಳಬೇಡ. ನಿನ್ನ ಬದುಕಿನ ಪೆಟ್ಟಿಗೆಯನ್ನು ಅತ್ಯಮೂಲ್ಯ ನೆನಪುಗಳಿಂದ ತುಂಬು ಉಸಿರುಗಟ್ಟುವಂತೆ ಓಡುವುದು ಖಂಡಿತ ಬೇಡ. ದೀರ್ಘವಾದ ಉಸಿರನ್ನು ನಿನ್ನ ಎದೆಯಾಳದಲ್ಲಿ ತುಂಬಿಕೊಂಡು ಅದನ್ನು

ವೀಣಾ ಹೇಮಂತ್ ಗೌಡ ಪಾಟೀಲ್
